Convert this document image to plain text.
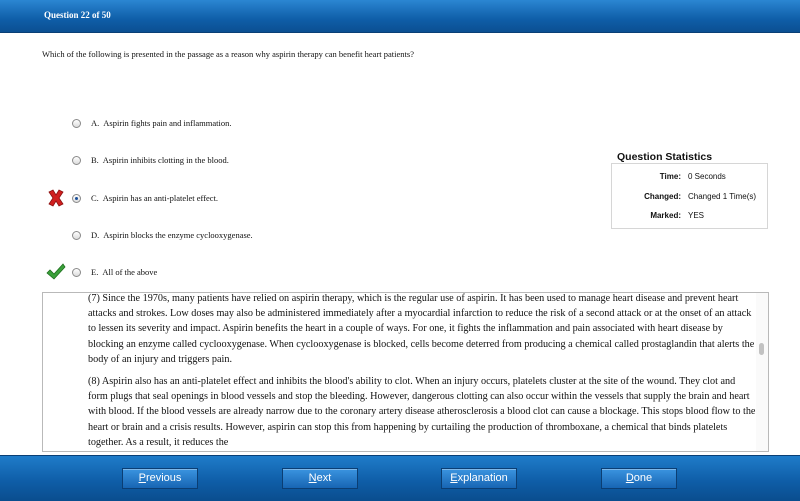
Question 22 of 50
Which of the following is presented in the passage as a reason why aspirin therapy can benefit heart patients?
A. Aspirin fights pain and inflammation.
B. Aspirin inhibits clotting in the blood.
C. Aspirin has an anti-platelet effect.
D. Aspirin blocks the enzyme cyclooxygenase.
E. All of the above
Question Statistics
Time: 0 Seconds
Changed: Changed 1 Time(s)
Marked: YES

(7) Since the 1970s, many patients have relied on aspirin therapy, which is the regular use of aspirin. It has been used to manage heart disease and prevent heart attacks and strokes. Low doses may also be administered immediately after a myocardial infarction to reduce the risk of a second attack or at the onset of an attack to lessen its severity and impact. Aspirin benefits the heart in a couple of ways. For one, it fights the inflammation and pain associated with heart disease by blocking an enzyme called cyclooxygenase. When cyclooxygenase is blocked, cells become deterred from producing a chemical called prostaglandin that alerts the body of an injury and triggers pain.

(8) Aspirin also has an anti-platelet effect and inhibits the blood's ability to clot. When an injury occurs, platelets cluster at the site of the wound. They clot and form plugs that seal openings in blood vessels and stop the bleeding. However, dangerous clotting can also occur within the vessels that supply the brain and heart with blood. If the blood vessels are already narrow due to the coronary artery disease atherosclerosis a blood clot can cause a blockage. This stops blood flow to the heart or brain and a crisis results. However, aspirin can stop this from happening by curtailing the production of thromboxane, a chemical that binds platelets together. As a result, it reduces the

Previous	Next	Explanation	Done
